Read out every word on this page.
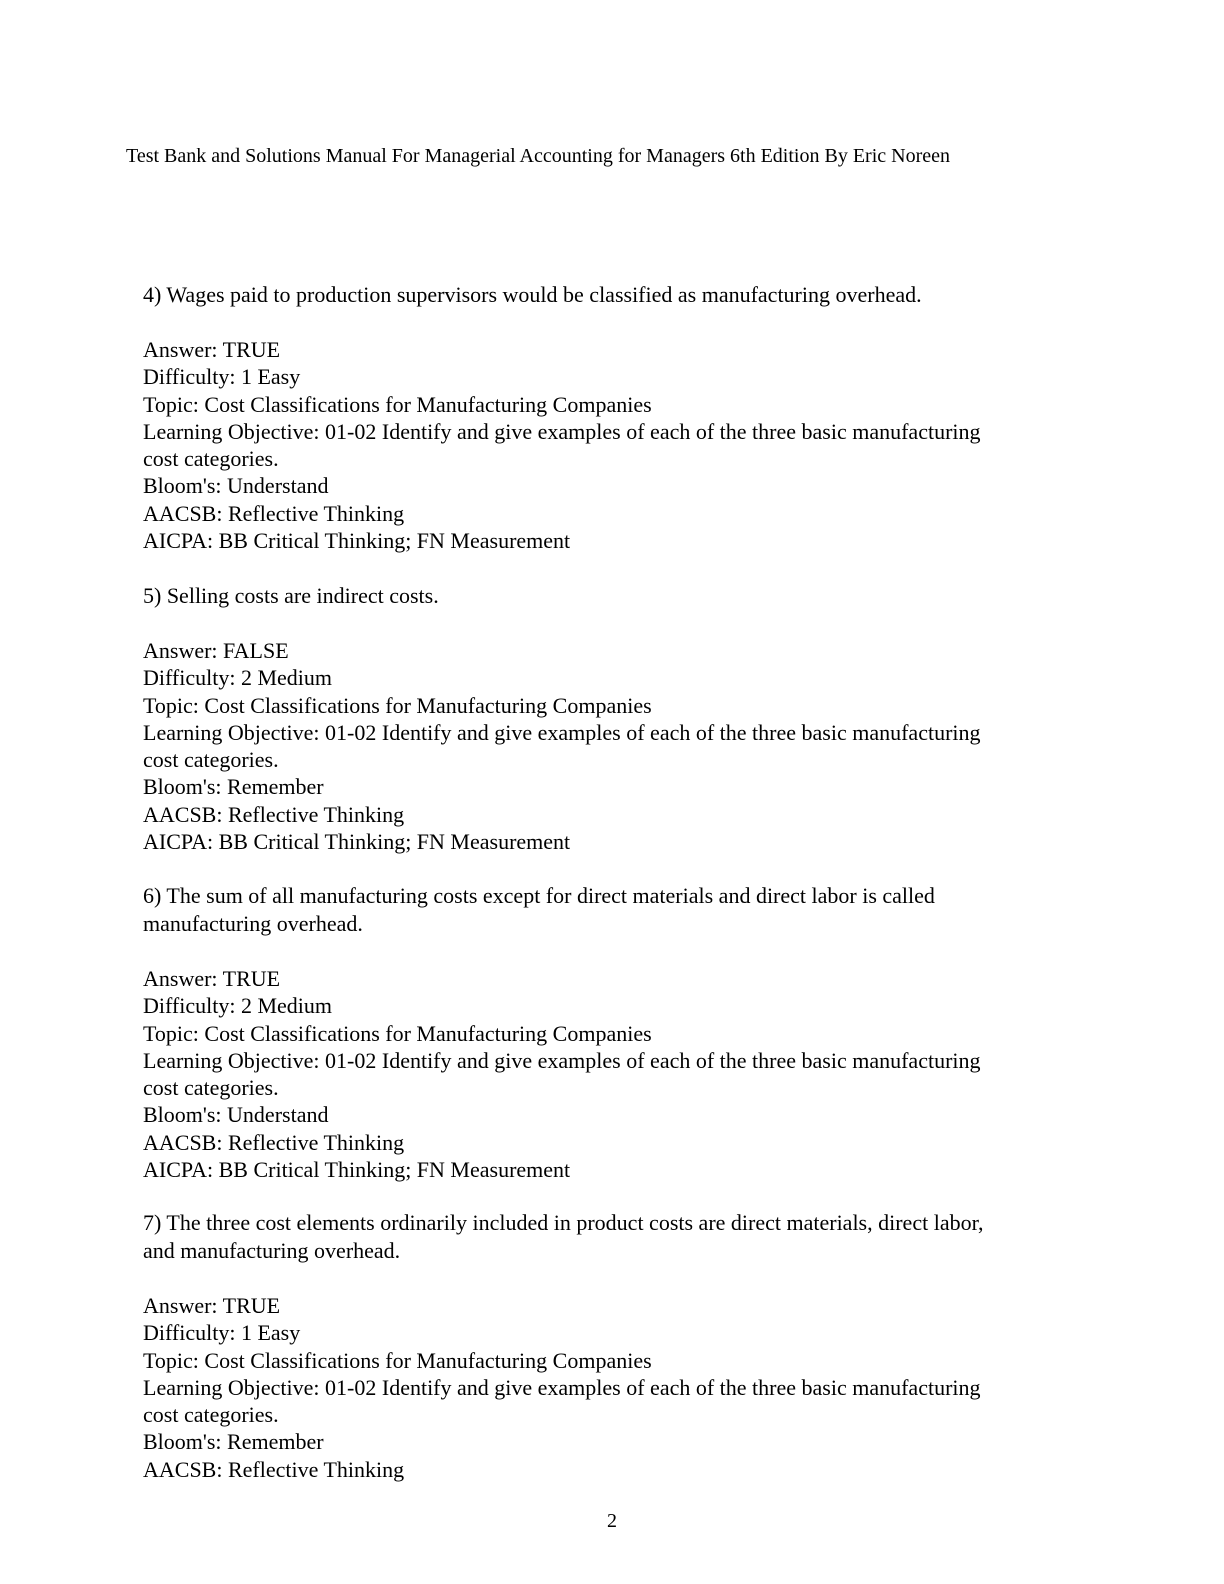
Test Bank and Solutions Manual For Managerial Accounting for Managers 6th Edition By Eric Noreen

4) Wages paid to production supervisors would be classified as manufacturing overhead.

Answer: TRUE

Difficulty: 1 Easy

Topic: Cost Classifications for Manufacturing Companies

Learning Objective: 01-02 Identify and give examples of each of the three basic manufacturing

cost categories.

Bloom's: Understand

AACSB: Reflective Thinking

AICPA: BB Critical Thinking; FN Measurement

5) Selling costs are indirect costs.

Answer: FALSE

Difficulty: 2 Medium

Topic: Cost Classifications for Manufacturing Companies

Learning Objective: 01-02 Identify and give examples of each of the three basic manufacturing

cost categories.

Bloom's: Remember

AACSB: Reflective Thinking

AICPA: BB Critical Thinking; FN Measurement

6) The sum of all manufacturing costs except for direct materials and direct labor is called

manufacturing overhead.

Answer: TRUE

Difficulty: 2 Medium

Topic: Cost Classifications for Manufacturing Companies

Learning Objective: 01-02 Identify and give examples of each of the three basic manufacturing

cost categories.

Bloom's: Understand

AACSB: Reflective Thinking

AICPA: BB Critical Thinking; FN Measurement

7) The three cost elements ordinarily included in product costs are direct materials, direct labor,

and manufacturing overhead.

Answer: TRUE

Difficulty: 1 Easy

Topic: Cost Classifications for Manufacturing Companies

Learning Objective: 01-02 Identify and give examples of each of the three basic manufacturing

cost categories.

Bloom's: Remember

AACSB: Reflective Thinking

2
